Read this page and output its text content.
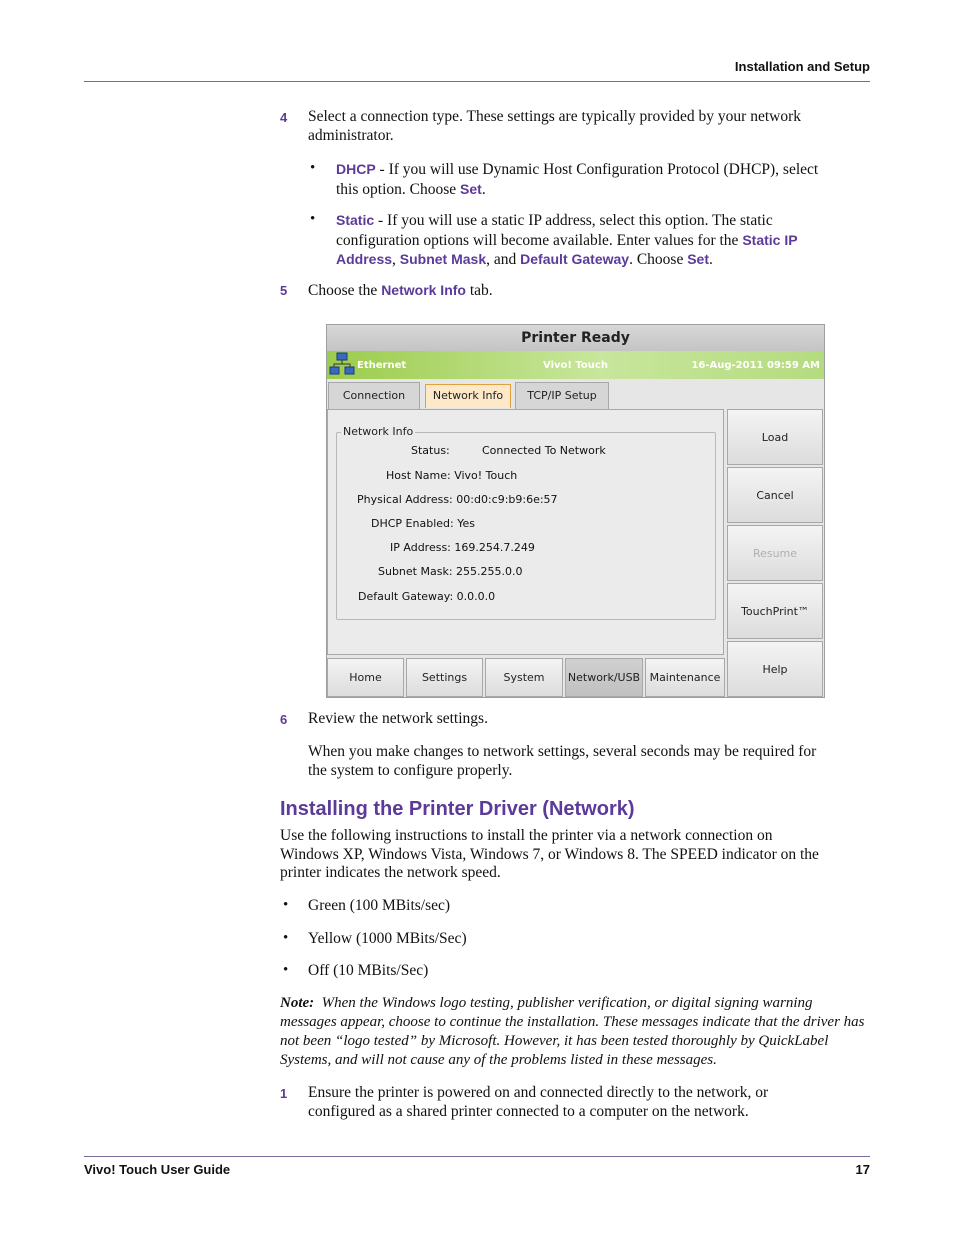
Installation and Setup
4 Select a connection type. These settings are typically provided by your network
administrator.
• DHCP - If you will use Dynamic Host Configuration Protocol (DHCP), select
this option. Choose Set.
• Static - If you will use a static IP address, select this option. The static
configuration options will become available. Enter values for the Static IP
Address, Subnet Mask, and Default Gateway. Choose Set.
5 Choose the Network Info tab.
Printer Ready
Ethernet	Vivo! Touch	16-Aug-2011 09:59 AM
Connection	Network Info	TCP/IP Setup
Network Info
Status:	Connected To Network
Host Name: Vivo! Touch
Physical Address: 00:d0:c9:b9:6e:57
DHCP Enabled: Yes
IP Address: 169.254.7.249
Subnet Mask: 255.255.0.0
Default Gateway: 0.0.0.0
Load
Cancel
Resume
TouchPrint™
Help
Home	Settings	System	Network/USB Maintenance
6 Review the network settings.
When you make changes to network settings, several seconds may be required for
the system to configure properly.
Installing the Printer Driver (Network)
Use the following instructions to install the printer via a network connection on
Windows XP, Windows Vista, Windows 7, or Windows 8. The SPEED indicator on the
printer indicates the network speed.
• Green (100 MBits/sec)
• Yellow (1000 MBits/Sec)
• Off (10 MBits/Sec)
Note: When the Windows logo testing, publisher verification, or digital signing warning
messages appear, choose to continue the installation. These messages indicate that the driver has
not been “logo tested” by Microsoft. However, it has been tested thoroughly by QuickLabel
Systems, and will not cause any of the problems listed in these messages.
1 Ensure the printer is powered on and connected directly to the network, or
configured as a shared printer connected to a computer on the network.
Vivo! Touch User Guide	17
